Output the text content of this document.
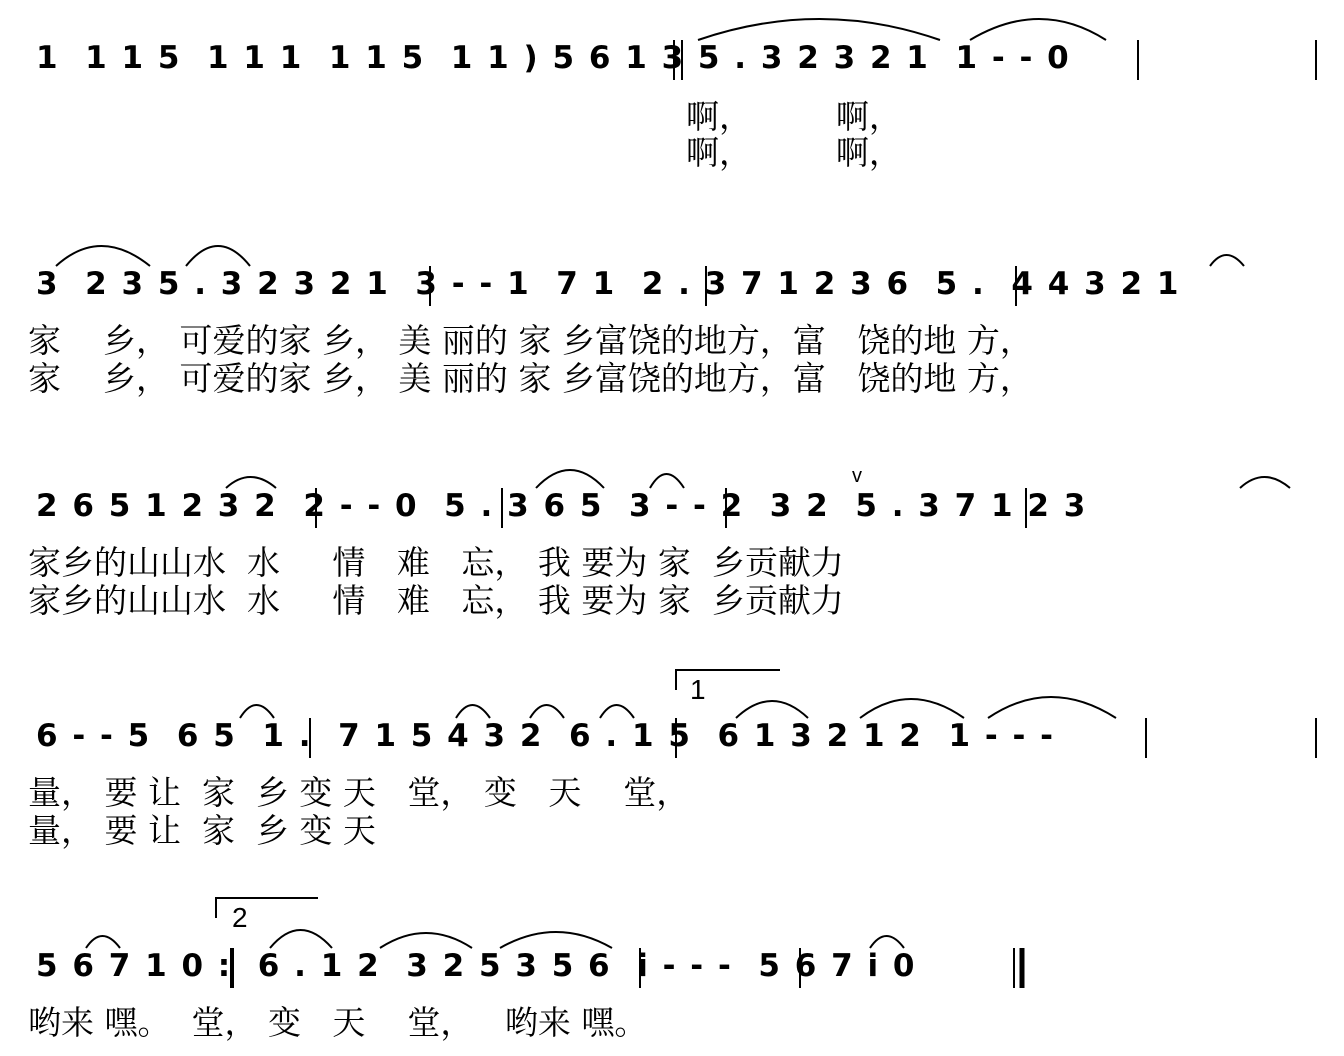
1  1 1 5  1 1 1  1 1 5  1 1 ) 5 6 1 3 5 . 3 2 3 2 1  1 - - 0
啊，        啊，
啊，        啊，
3  2 3 5 . 3 2 3 2 1  3 - - 1  7 1  2 . 3 7 1 2 3 6  5 .  4 4 3 2 1
家    乡， 可爱的家 乡， 美 丽的 家 乡富饶的地方，富   饶的地 方，
家    乡， 可爱的家 乡， 美 丽的 家 乡富饶的地方，富   饶的地 方，
2 6 5 1 2 3 2  2 - - 0  5 . 3 6 5  3 - - 2  3 2  5 . 3 7 1 2 3
家乡的山山水  水     情   难   忘， 我 要为 家  乡贡献力
家乡的山山水  水     情   难   忘， 我 要为 家  乡贡献力
6 - - 5  6 5  1 .  7 1 5 4 3 2  6 . 1 5  6 1 3 2 1 2  1 - - -
量， 要 让  家  乡 变 天   堂， 变   天    堂，
量， 要 让  家  乡 变 天
5 6 7 1 0 :  6 . 1 2  3 2 5 3 5 6  i - - -  5 6 7 i 0
哟来 嘿。  堂， 变   天    堂，   哟来 嘿。
1
2
v
